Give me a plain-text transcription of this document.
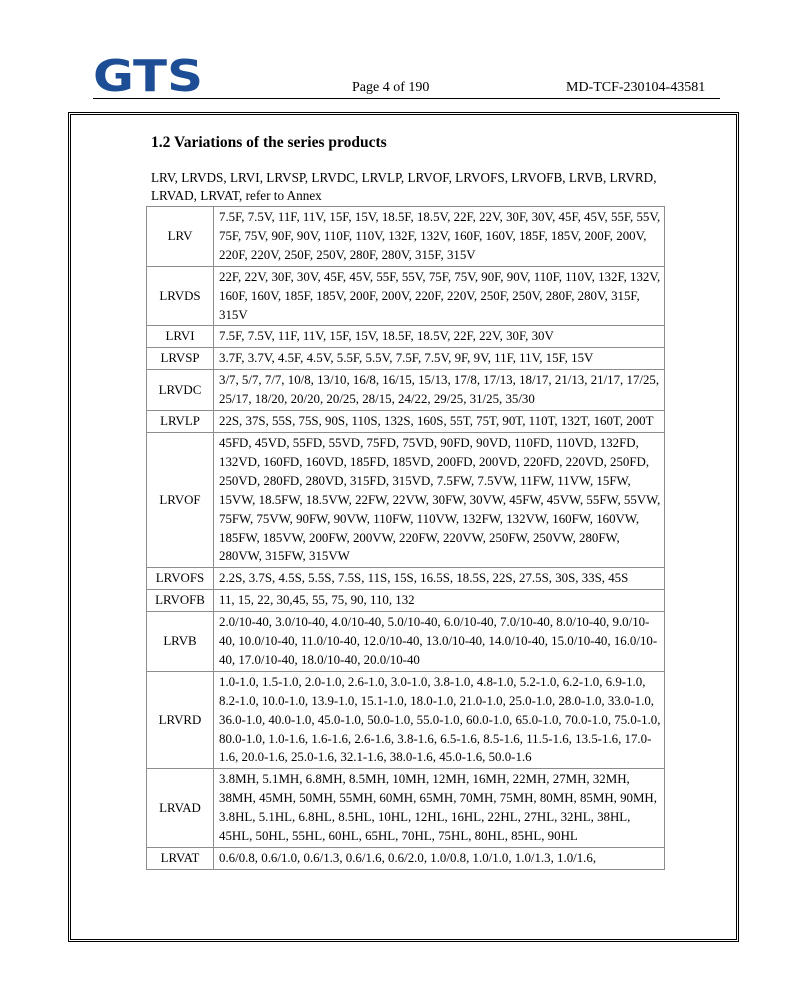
GTS	Page 4 of 190	MD-TCF-230104-43581
1.2 Variations of the series products
LRV, LRVDS, LRVI, LRVSP, LRVDC, LRVLP, LRVOF, LRVOFS, LRVOFB, LRVB, LRVRD, LRVAD, LRVAT, refer to Annex
LRV	7.5F, 7.5V, 11F, 11V, 15F, 15V, 18.5F, 18.5V, 22F, 22V, 30F, 30V, 45F, 45V, 55F, 55V, 75F, 75V, 90F, 90V, 110F, 110V, 132F, 132V, 160F, 160V, 185F, 185V, 200F, 200V, 220F, 220V, 250F, 250V, 280F, 280V, 315F, 315V
LRVDS	22F, 22V, 30F, 30V, 45F, 45V, 55F, 55V, 75F, 75V, 90F, 90V, 110F, 110V, 132F, 132V, 160F, 160V, 185F, 185V, 200F, 200V, 220F, 220V, 250F, 250V, 280F, 280V, 315F, 315V
LRVI	7.5F, 7.5V, 11F, 11V, 15F, 15V, 18.5F, 18.5V, 22F, 22V, 30F, 30V
LRVSP	3.7F, 3.7V, 4.5F, 4.5V, 5.5F, 5.5V, 7.5F, 7.5V, 9F, 9V, 11F, 11V, 15F, 15V
LRVDC	3/7, 5/7, 7/7, 10/8, 13/10, 16/8, 16/15, 15/13, 17/8, 17/13, 18/17, 21/13, 21/17, 17/25, 25/17, 18/20, 20/20, 20/25, 28/15, 24/22, 29/25, 31/25, 35/30
LRVLP	22S, 37S, 55S, 75S, 90S, 110S, 132S, 160S, 55T, 75T, 90T, 110T, 132T, 160T, 200T
LRVOF	45FD, 45VD, 55FD, 55VD, 75FD, 75VD, 90FD, 90VD, 110FD, 110VD, 132FD, 132VD, 160FD, 160VD, 185FD, 185VD, 200FD, 200VD, 220FD, 220VD, 250FD, 250VD, 280FD, 280VD, 315FD, 315VD, 7.5FW, 7.5VW, 11FW, 11VW, 15FW, 15VW, 18.5FW, 18.5VW, 22FW, 22VW, 30FW, 30VW, 45FW, 45VW, 55FW, 55VW, 75FW, 75VW, 90FW, 90VW, 110FW, 110VW, 132FW, 132VW, 160FW, 160VW, 185FW, 185VW, 200FW, 200VW, 220FW, 220VW, 250FW, 250VW, 280FW, 280VW, 315FW, 315VW
LRVOFS	2.2S, 3.7S, 4.5S, 5.5S, 7.5S, 11S, 15S, 16.5S, 18.5S, 22S, 27.5S, 30S, 33S, 45S
LRVOFB	11, 15, 22, 30,45, 55, 75, 90, 110, 132
LRVB	2.0/10-40, 3.0/10-40, 4.0/10-40, 5.0/10-40, 6.0/10-40, 7.0/10-40, 8.0/10-40, 9.0/10-40, 10.0/10-40, 11.0/10-40, 12.0/10-40, 13.0/10-40, 14.0/10-40, 15.0/10-40, 16.0/10-40, 17.0/10-40, 18.0/10-40, 20.0/10-40
LRVRD	1.0-1.0, 1.5-1.0, 2.0-1.0, 2.6-1.0, 3.0-1.0, 3.8-1.0, 4.8-1.0, 5.2-1.0, 6.2-1.0, 6.9-1.0, 8.2-1.0, 10.0-1.0, 13.9-1.0, 15.1-1.0, 18.0-1.0, 21.0-1.0, 25.0-1.0, 28.0-1.0, 33.0-1.0, 36.0-1.0, 40.0-1.0, 45.0-1.0, 50.0-1.0, 55.0-1.0, 60.0-1.0, 65.0-1.0, 70.0-1.0, 75.0-1.0, 80.0-1.0, 1.0-1.6, 1.6-1.6, 2.6-1.6, 3.8-1.6, 6.5-1.6, 8.5-1.6, 11.5-1.6, 13.5-1.6, 17.0-1.6, 20.0-1.6, 25.0-1.6, 32.1-1.6, 38.0-1.6, 45.0-1.6, 50.0-1.6
LRVAD	3.8MH, 5.1MH, 6.8MH, 8.5MH, 10MH, 12MH, 16MH, 22MH, 27MH, 32MH, 38MH, 45MH, 50MH, 55MH, 60MH, 65MH, 70MH, 75MH, 80MH, 85MH, 90MH, 3.8HL, 5.1HL, 6.8HL, 8.5HL, 10HL, 12HL, 16HL, 22HL, 27HL, 32HL, 38HL, 45HL, 50HL, 55HL, 60HL, 65HL, 70HL, 75HL, 80HL, 85HL, 90HL
LRVAT	0.6/0.8, 0.6/1.0, 0.6/1.3, 0.6/1.6, 0.6/2.0, 1.0/0.8, 1.0/1.0, 1.0/1.3, 1.0/1.6,
